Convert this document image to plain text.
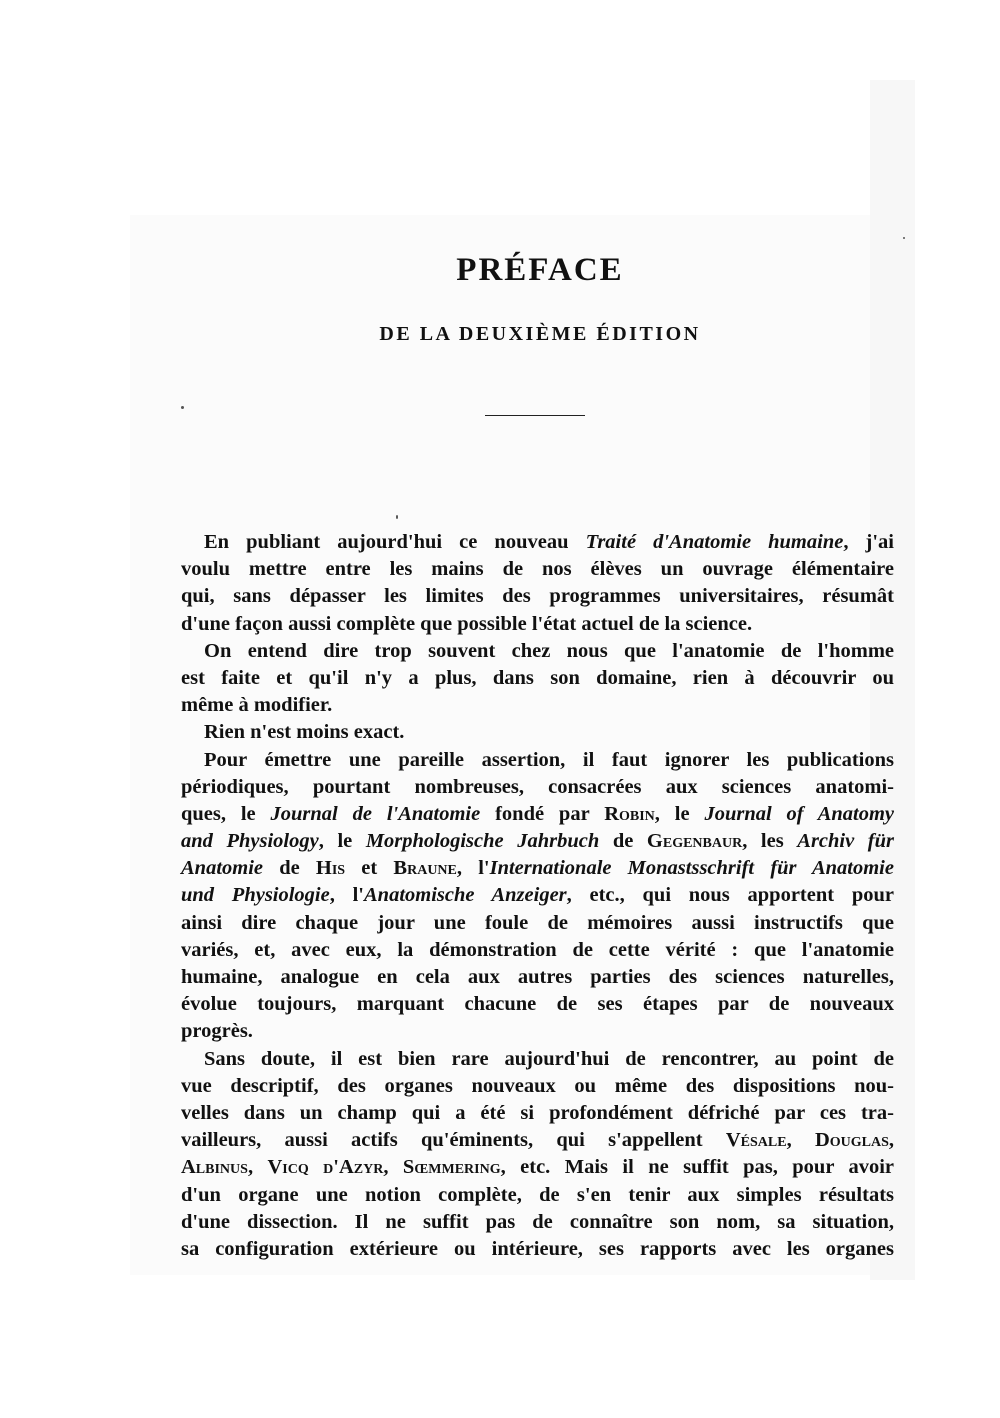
PRÉFACE
DE LA DEUXIÈME ÉDITION
En publiant aujourd'hui ce nouveau Traité d'Anatomie humaine, j'ai
voulu mettre entre les mains de nos élèves un ouvrage élémentaire
qui, sans dépasser les limites des programmes universitaires, résumât
d'une façon aussi complète que possible l'état actuel de la science.
On entend dire trop souvent chez nous que l'anatomie de l'homme
est faite et qu'il n'y a plus, dans son domaine, rien à découvrir ou
même à modifier.
Rien n'est moins exact.
Pour émettre une pareille assertion, il faut ignorer les publications
périodiques, pourtant nombreuses, consacrées aux sciences anatomi-
ques, le Journal de l'Anatomie fondé par Robin, le Journal of Anatomy
and Physiology, le Morphologische Jahrbuch de Gegenbaur, les Archiv für
Anatomie de His et Braune, l'Internationale Monastsschrift für Anatomie
und Physiologie, l'Anatomische Anzeiger, etc., qui nous apportent pour
ainsi dire chaque jour une foule de mémoires aussi instructifs que
variés, et, avec eux, la démonstration de cette vérité : que l'anatomie
humaine, analogue en cela aux autres parties des sciences naturelles,
évolue toujours, marquant chacune de ses étapes par de nouveaux
progrès.
Sans doute, il est bien rare aujourd'hui de rencontrer, au point de
vue descriptif, des organes nouveaux ou même des dispositions nou-
velles dans un champ qui a été si profondément défriché par ces tra-
vailleurs, aussi actifs qu'éminents, qui s'appellent Vésale, Douglas,
Albinus, Vicq d'Azyr, Sœmmering, etc. Mais il ne suffit pas, pour avoir
d'un organe une notion complète, de s'en tenir aux simples résultats
d'une dissection. Il ne suffit pas de connaître son nom, sa situation,
sa configuration extérieure ou intérieure, ses rapports avec les organes
